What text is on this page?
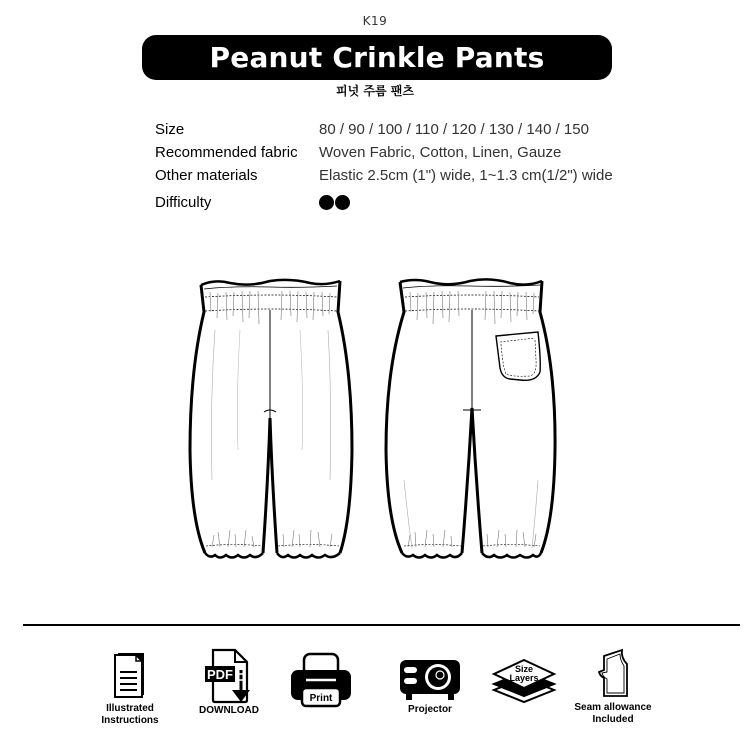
K19
Peanut Crinkle Pants
피넛 주름 팬츠
Size	80 / 90 / 100 / 110 / 120 / 130 / 140 / 150
Recommended fabric	Woven Fabric, Cotton, Linen, Gauze
Other materials	Elastic 2.5cm (1") wide, 1~1.3 cm(1/2") wide
Difficulty
Illustrated
Instructions
PDF
DOWNLOAD
Print
Projector
Size
Layers
Seam allowance
Included
